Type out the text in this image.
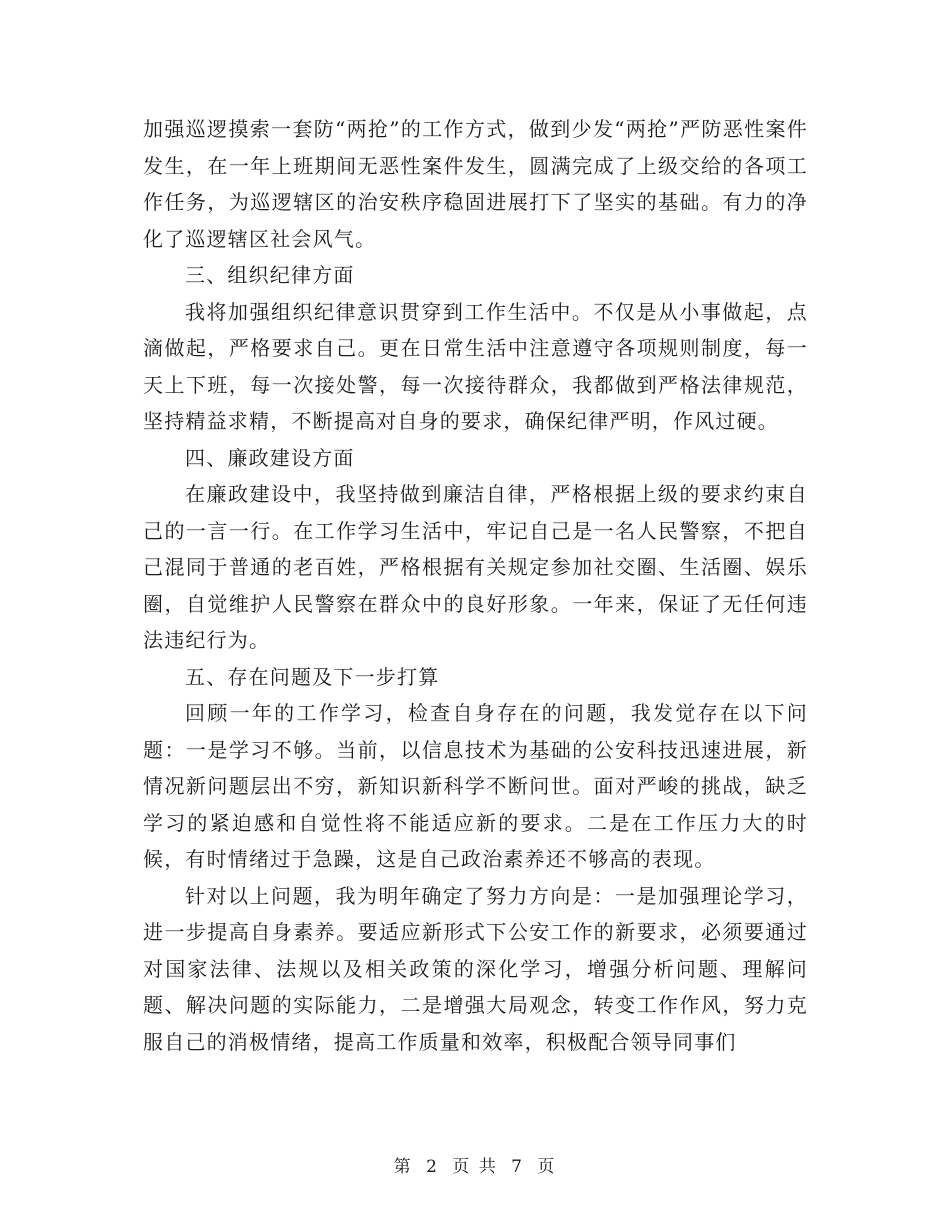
加强巡逻摸索一套防“两抢”的工作方式，做到少发“两抢”严防恶性案件发生，在一年上班期间无恶性案件发生，圆满完成了上级交给的各项工作任务，为巡逻辖区的治安秩序稳固进展打下了坚实的基础。有力的净化了巡逻辖区社会风气。

三、组织纪律方面

我将加强组织纪律意识贯穿到工作生活中。不仅是从小事做起，点滴做起，严格要求自己。更在日常生活中注意遵守各项规则制度，每一天上下班，每一次接处警，每一次接待群众，我都做到严格法律规范，坚持精益求精，不断提高对自身的要求，确保纪律严明，作风过硬。

四、廉政建设方面

在廉政建设中，我坚持做到廉洁自律，严格根据上级的要求约束自己的一言一行。在工作学习生活中，牢记自己是一名人民警察，不把自己混同于普通的老百姓，严格根据有关规定参加社交圈、生活圈、娱乐圈，自觉维护人民警察在群众中的良好形象。一年来，保证了无任何违法违纪行为。

五、存在问题及下一步打算

回顾一年的工作学习，检查自身存在的问题，我发觉存在以下问题：一是学习不够。当前，以信息技术为基础的公安科技迅速进展，新情况新问题层出不穷，新知识新科学不断问世。面对严峻的挑战，缺乏学习的紧迫感和自觉性将不能适应新的要求。二是在工作压力大的时候，有时情绪过于急躁，这是自己政治素养还不够高的表现。

针对以上问题，我为明年确定了努力方向是：一是加强理论学习，进一步提高自身素养。要适应新形式下公安工作的新要求，必须要通过对国家法律、法规以及相关政策的深化学习，增强分析问题、理解问题、解决问题的实际能力，二是增强大局观念，转变工作作风，努力克服自己的消极情绪，提高工作质量和效率，积极配合领导同事们

第 2 页 共 7 页
